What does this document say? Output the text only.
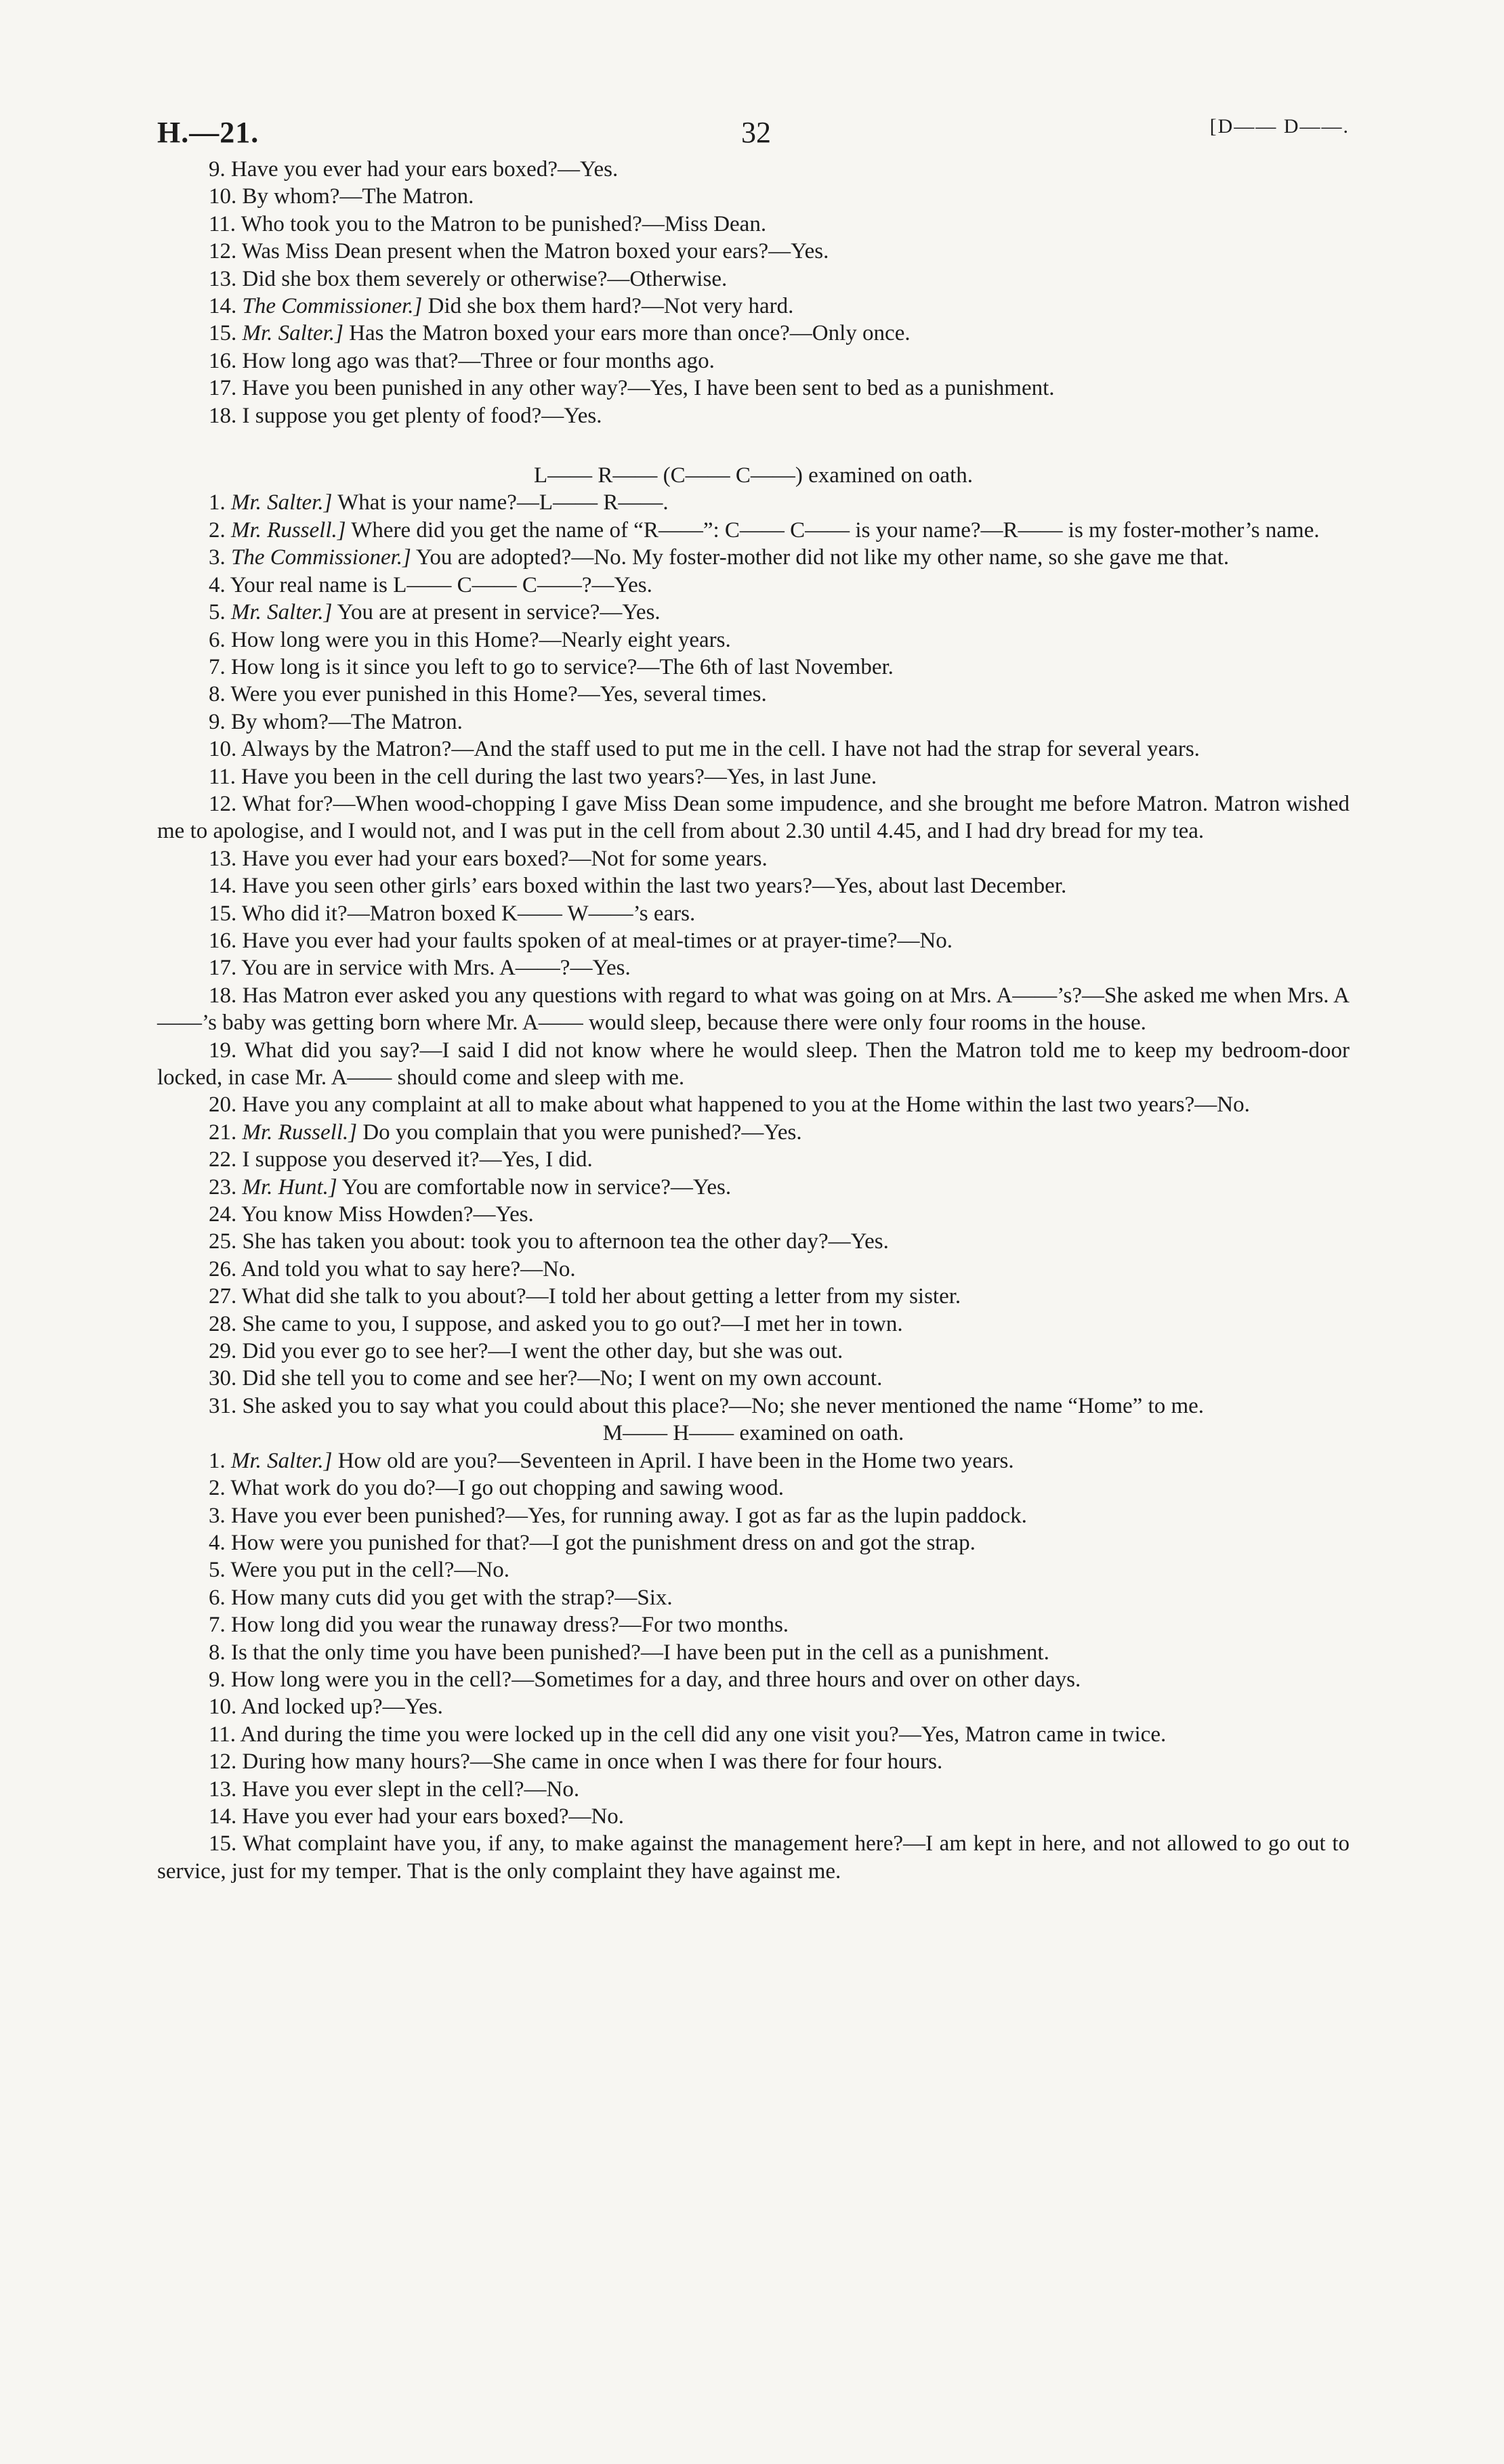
H.—21.	32	[D—— D——.

9. Have you ever had your ears boxed?—Yes.

10. By whom?—The Matron.

11. Who took you to the Matron to be punished?—Miss Dean.

12. Was Miss Dean present when the Matron boxed your ears?—Yes.

13. Did she box them severely or otherwise?—Otherwise.

14. The Commissioner.] Did she box them hard?—Not very hard.

15. Mr. Salter.] Has the Matron boxed your ears more than once?—Only once.

16. How long ago was that?—Three or four months ago.

17. Have you been punished in any other way?—Yes, I have been sent to bed as a punishment.

18. I suppose you get plenty of food?—Yes.

L—— R—— (C—— C——) examined on oath.

1. Mr. Salter.] What is your name?—L—— R——.

2. Mr. Russell.] Where did you get the name of “R——”: C—— C—— is your name?—R—— is my foster-mother’s name.

3. The Commissioner.] You are adopted?—No. My foster-mother did not like my other name, so she gave me that.

4. Your real name is L—— C—— C——?—Yes.

5. Mr. Salter.] You are at present in service?—Yes.

6. How long were you in this Home?—Nearly eight years.

7. How long is it since you left to go to service?—The 6th of last November.

8. Were you ever punished in this Home?—Yes, several times.

9. By whom?—The Matron.

10. Always by the Matron?—And the staff used to put me in the cell. I have not had the strap for several years.

11. Have you been in the cell during the last two years?—Yes, in last June.

12. What for?—When wood-chopping I gave Miss Dean some impudence, and she brought me before Matron. Matron wished me to apologise, and I would not, and I was put in the cell from about 2.30 until 4.45, and I had dry bread for my tea.

13. Have you ever had your ears boxed?—Not for some years.

14. Have you seen other girls’ ears boxed within the last two years?—Yes, about last December.

15. Who did it?—Matron boxed K—— W——’s ears.

16. Have you ever had your faults spoken of at meal-times or at prayer-time?—No.

17. You are in service with Mrs. A——?—Yes.

18. Has Matron ever asked you any questions with regard to what was going on at Mrs. A——’s?—She asked me when Mrs. A——’s baby was getting born where Mr. A—— would sleep, because there were only four rooms in the house.

19. What did you say?—I said I did not know where he would sleep. Then the Matron told me to keep my bedroom-door locked, in case Mr. A—— should come and sleep with me.

20. Have you any complaint at all to make about what happened to you at the Home within the last two years?—No.

21. Mr. Russell.] Do you complain that you were punished?—Yes.

22. I suppose you deserved it?—Yes, I did.

23. Mr. Hunt.] You are comfortable now in service?—Yes.

24. You know Miss Howden?—Yes.

25. She has taken you about: took you to afternoon tea the other day?—Yes.

26. And told you what to say here?—No.

27. What did she talk to you about?—I told her about getting a letter from my sister.

28. She came to you, I suppose, and asked you to go out?—I met her in town.

29. Did you ever go to see her?—I went the other day, but she was out.

30. Did she tell you to come and see her?—No; I went on my own account.

31. She asked you to say what you could about this place?—No; she never mentioned the name “Home” to me.

M—— H—— examined on oath.

1. Mr. Salter.] How old are you?—Seventeen in April. I have been in the Home two years.

2. What work do you do?—I go out chopping and sawing wood.

3. Have you ever been punished?—Yes, for running away. I got as far as the lupin paddock.

4. How were you punished for that?—I got the punishment dress on and got the strap.

5. Were you put in the cell?—No.

6. How many cuts did you get with the strap?—Six.

7. How long did you wear the runaway dress?—For two months.

8. Is that the only time you have been punished?—I have been put in the cell as a punishment.

9. How long were you in the cell?—Sometimes for a day, and three hours and over on other days.

10. And locked up?—Yes.

11. And during the time you were locked up in the cell did any one visit you?—Yes, Matron came in twice.

12. During how many hours?—She came in once when I was there for four hours.

13. Have you ever slept in the cell?—No.

14. Have you ever had your ears boxed?—No.

15. What complaint have you, if any, to make against the management here?—I am kept in here, and not allowed to go out to service, just for my temper. That is the only complaint they have against me.
